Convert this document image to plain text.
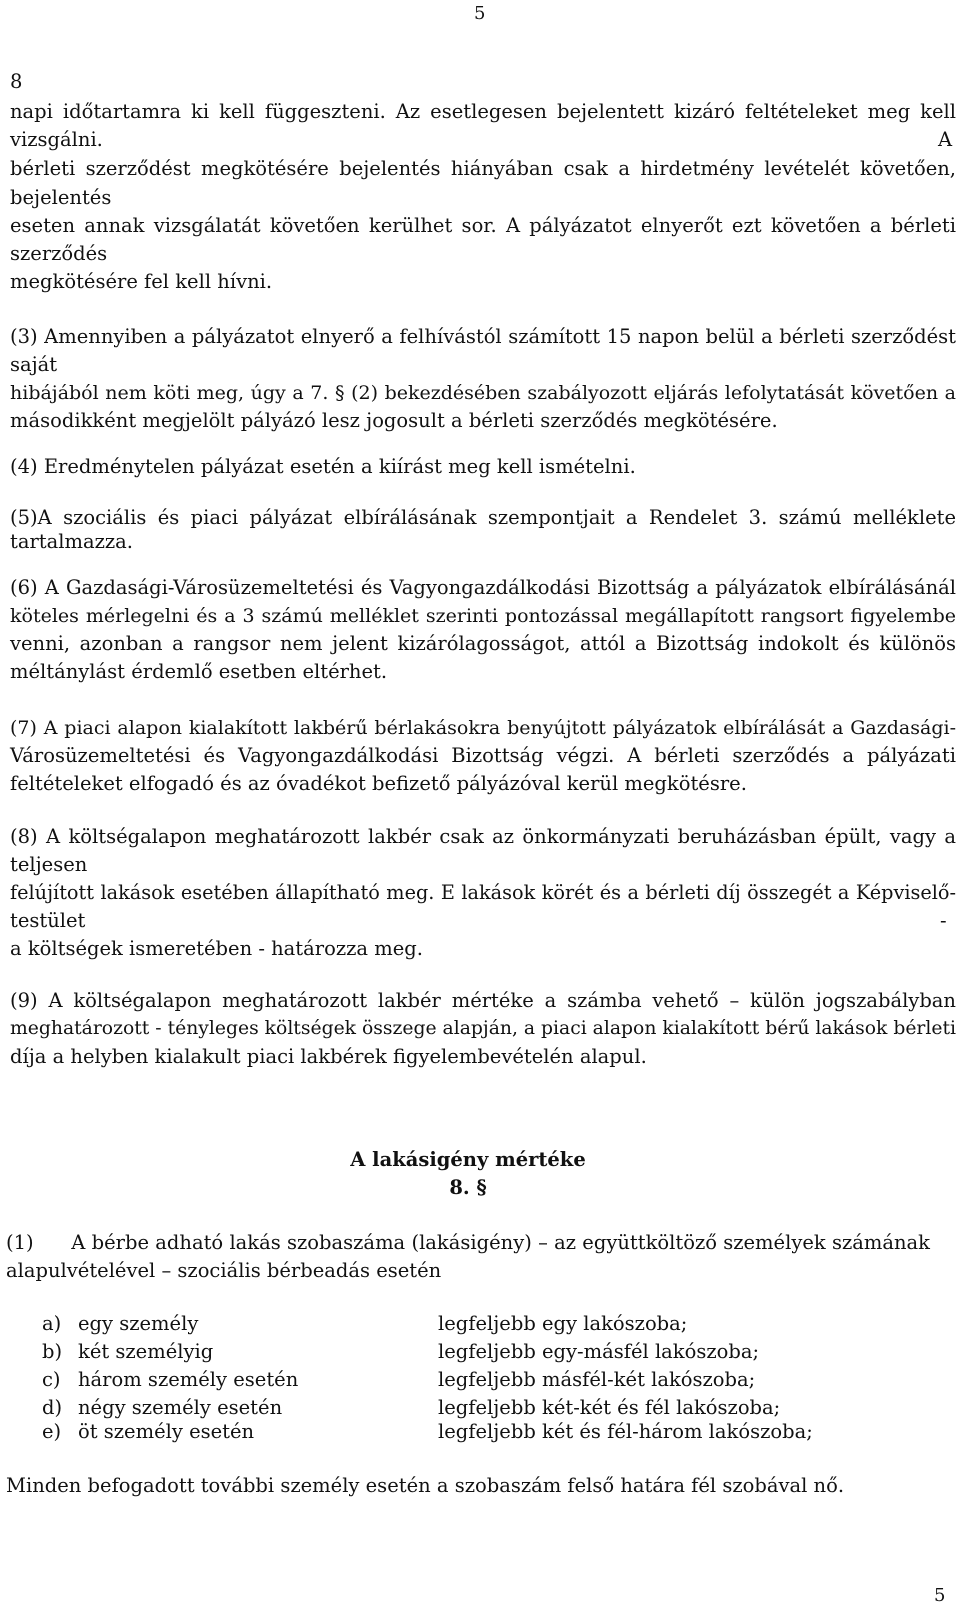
5
8
napi időtartamra ki kell függeszteni. Az esetlegesen bejelentett kizáró feltételeket meg kell
vizsgálni.	A
bérleti szerződést megkötésére bejelentés hiányában csak a hirdetmény levételét követően,
bejelentés
eseten annak vizsgálatát követően kerülhet sor. A pályázatot elnyerőt ezt követően a bérleti
szerződés
megkötésére fel kell hívni.
(3) Amennyiben a pályázatot elnyerő a felhívástól számított 15 napon belül a bérleti szerződést
saját
hibájából nem köti meg, úgy a 7. § (2) bekezdésében szabályozott eljárás lefolytatását követően a
másodikként megjelölt pályázó lesz jogosult a bérleti szerződés megkötésére.
(4) Eredménytelen pályázat esetén a kiírást meg kell ismételni.
(5)A szociális és piaci pályázat elbírálásának szempontjait a Rendelet 3. számú melléklete
tartalmazza.
(6) A Gazdasági-Városüzemeltetési és Vagyongazdálkodási Bizottság a pályázatok elbírálásánál
köteles mérlegelni és a 3 számú melléklet szerinti pontozással megállapított rangsort figyelembe
venni, azonban a rangsor nem jelent kizárólagosságot, attól a Bizottság indokolt és különös
méltánylást érdemlő esetben eltérhet.
(7) A piaci alapon kialakított lakbérű bérlakásokra benyújtott pályázatok elbírálását a Gazdasági-
Városüzemeltetési és Vagyongazdálkodási Bizottság végzi. A bérleti szerződés a pályázati
feltételeket elfogadó és az óvadékot befizető pályázóval kerül megkötésre.
(8) A költségalapon meghatározott lakbér csak az önkormányzati beruházásban épült, vagy a
teljesen
felújított lakások esetében állapítható meg. E lakások körét és a bérleti díj összegét a Képviselő-
testület	-
a költségek ismeretében - határozza meg.
(9) A költségalapon meghatározott lakbér mértéke a számba vehető – külön jogszabályban
meghatározott - tényleges költségek összege alapján, a piaci alapon kialakított bérű lakások bérleti
díja a helyben kialakult piaci lakbérek figyelembevételén alapul.
A lakásigény mértéke
8. §
(1)      A bérbe adható lakás szobaszáma (lakásigény) – az együttköltöző személyek számának
alapulvételével – szociális bérbeadás esetén
a) egy személy	legfeljebb egy lakószoba;
b) két személyig	legfeljebb egy-másfél lakószoba;
c) három személy esetén	legfeljebb másfél-két lakószoba;
d) négy személy esetén	legfeljebb két-két és fél lakószoba;
e) öt személy esetén	legfeljebb két és fél-három lakószoba;
Minden befogadott további személy esetén a szobaszám felső határa fél szobával nő.
5
